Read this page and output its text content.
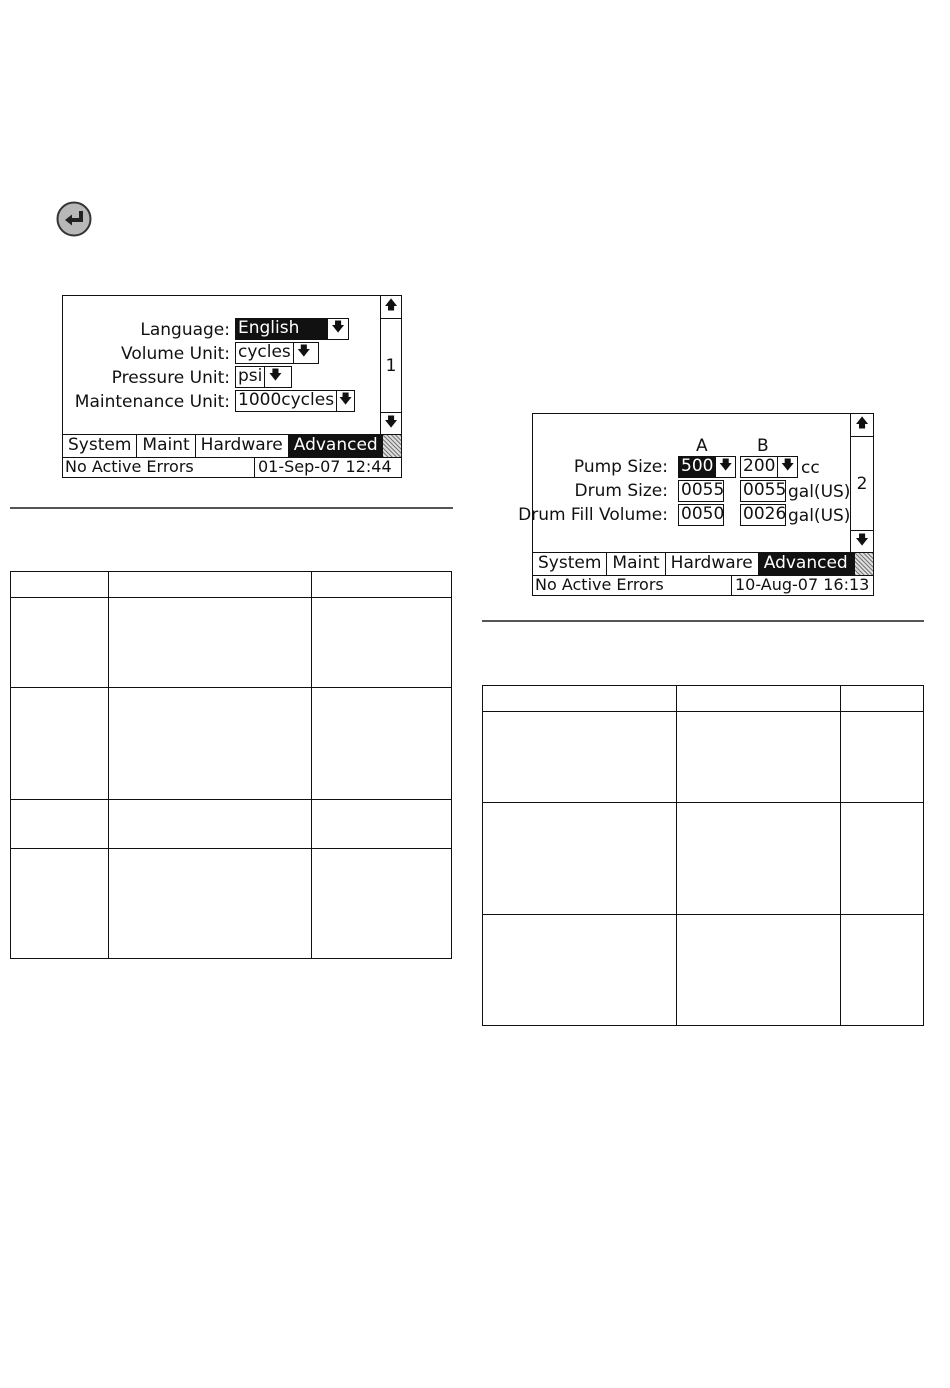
Language: English	🡇
Volume Unit: cycles 🡇
Pressure Unit: psi 🡇
Maintenance Unit: 1000cycles 🡇
🡅
1
🡇
System Maint Hardware Advanced
No Active Errors	01-Sep-07 12:44
A	B
Pump Size: 500 🡇 200 🡇 cc
Drum Size: 0055 0055 gal(US)
Drum Fill Volume: 0050 0026 gal(US)
🡅
2
🡇
System Maint Hardware Advanced
No Active Errors	10-Aug-07 16:13
